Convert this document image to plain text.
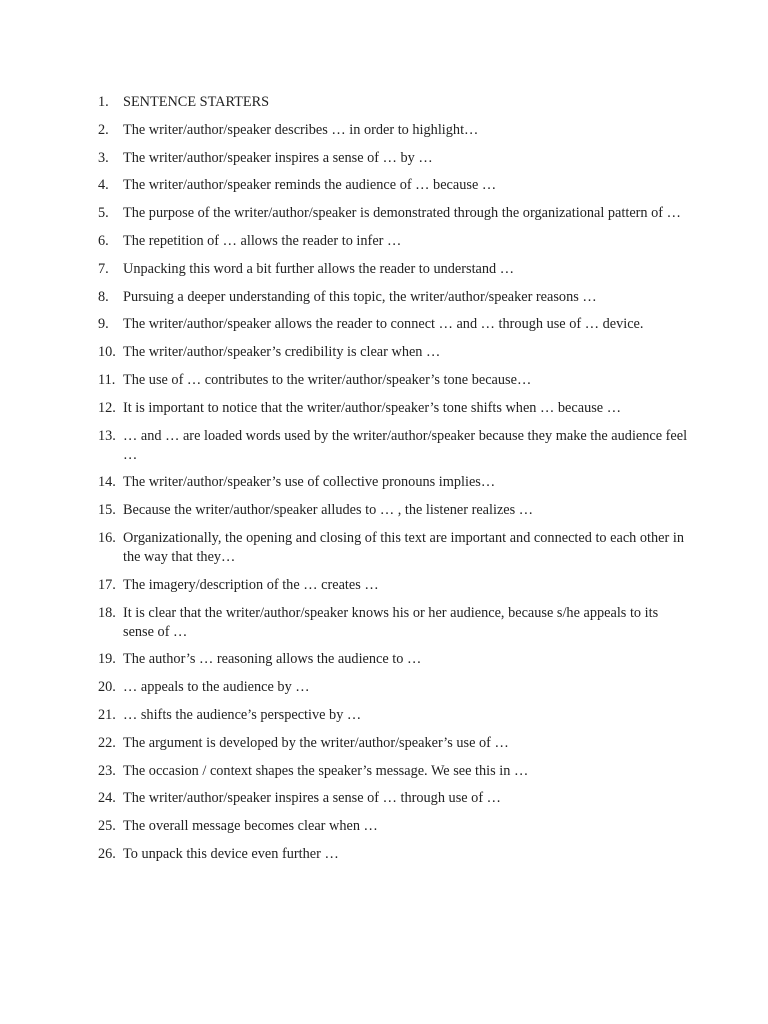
1. SENTENCE STARTERS
2. The writer/author/speaker describes … in order to highlight…
3. The writer/author/speaker inspires a sense of … by …
4. The writer/author/speaker reminds the audience of … because …
5. The purpose of the writer/author/speaker is demonstrated through the organizational pattern of …
6. The repetition of … allows the reader to infer …
7. Unpacking this word a bit further allows the reader to understand …
8. Pursuing a deeper understanding of this topic, the writer/author/speaker reasons …
9. The writer/author/speaker allows the reader to connect … and … through use of … device.
10. The writer/author/speaker’s credibility is clear when …
11. The use of … contributes to the writer/author/speaker’s tone because…
12. It is important to notice that the writer/author/speaker’s tone shifts when … because …
13. … and … are loaded words used by the writer/author/speaker because they make the audience feel …
14. The writer/author/speaker’s use of collective pronouns implies…
15. Because the writer/author/speaker alludes to … , the listener realizes …
16. Organizationally, the opening and closing of this text are important and connected to each other in the way that they…
17. The imagery/description of the … creates …
18. It is clear that the writer/author/speaker knows his or her audience, because s/he appeals to its sense of …
19. The author’s … reasoning allows the audience to …
20. … appeals to the audience by …
21. … shifts the audience’s perspective by …
22. The argument is developed by the writer/author/speaker’s use of …
23. The occasion / context shapes the speaker’s message. We see this in …
24. The writer/author/speaker inspires a sense of … through use of …
25. The overall message becomes clear when …
26. To unpack this device even further …
